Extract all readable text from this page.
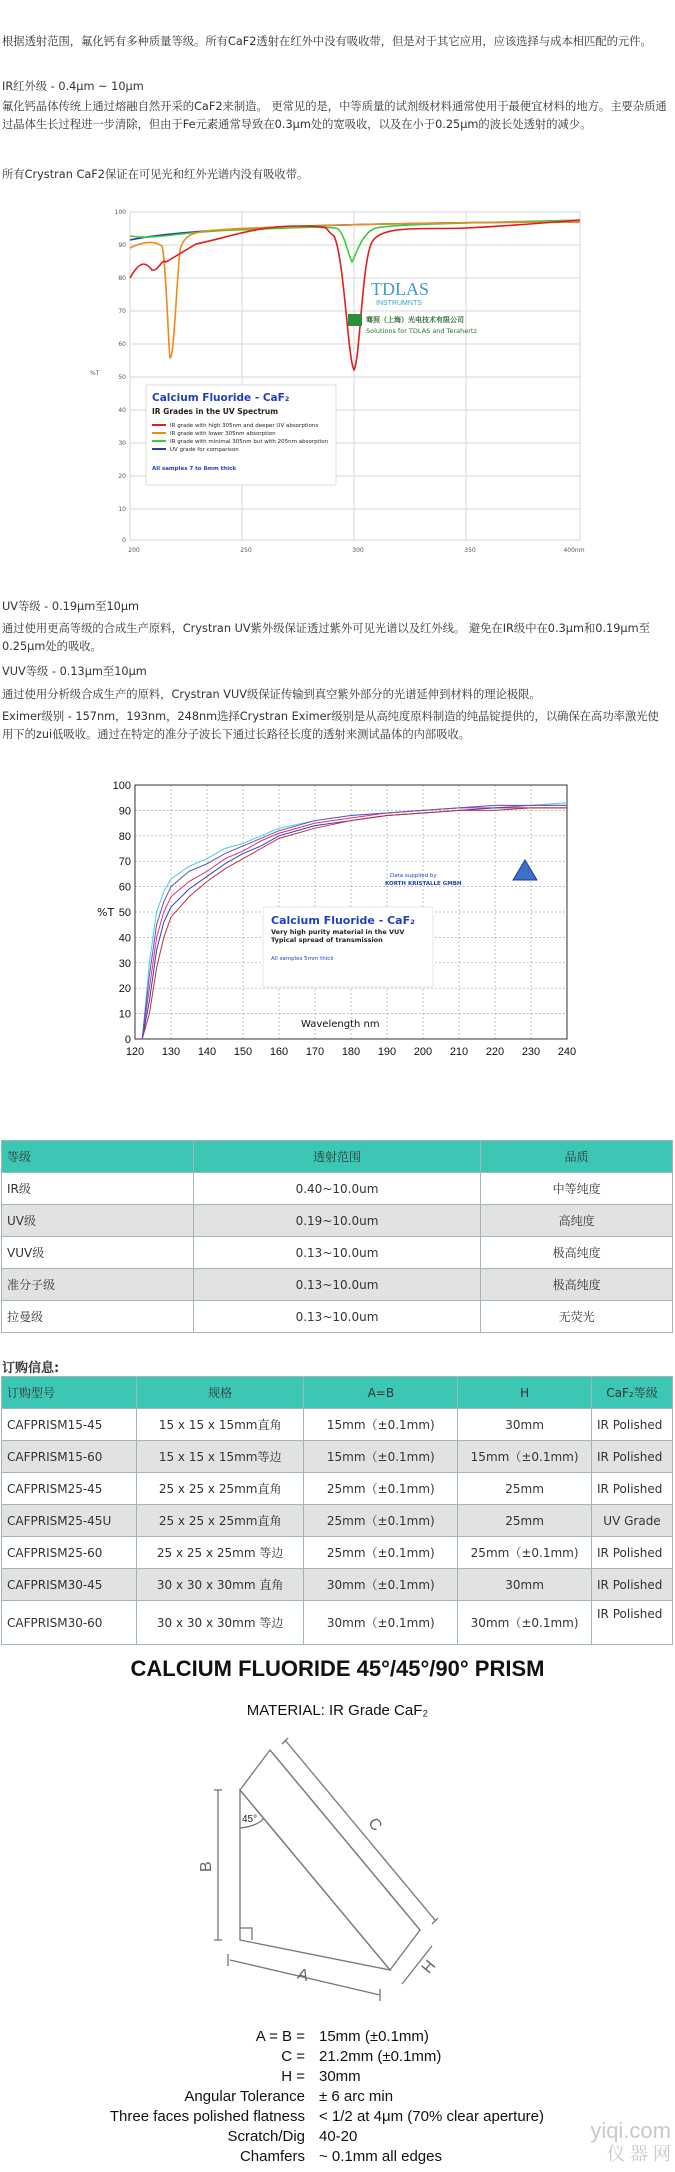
根据透射范围，氟化钙有多种质量等级。所有CaF2透射在红外中没有吸收带，但是对于其它应用，应该选择与成本相匹配的元件。
IR红外级 - 0.4μm ~ 10μm
氟化钙晶体传统上通过熔融自然开采的CaF2来制造。 更常见的是，中等质量的试剂级材料通常使用于最便宜材料的地方。主要杂质通过晶体生长过程进一步清除，但由于Fe元素通常导致在0.3μm处的宽吸收，以及在小于0.25μm的波长处透射的减少。
所有Crystran CaF2保证在可见光和红外光谱内没有吸收带。
100
90
80
70
60
50
40
30
20
10
0
%T
200	250	300	350	400nm
TDLAS
INSTRUMNTS
骞照（上海）光电技术有限公司
Solutions for TDLAS and Terahertz
Calcium Fluoride - CaF₂
IR Grades in the UV Spectrum
IR grade with high 305nm and deeper UV absorptions
IR grade with lower 305nm absorption
IR grade with minimal 305nm but with 205nm absorption
UV grade for comparison
All samples 7 to 8mm thick
UV等级 - 0.19μm至10μm
通过使用更高等级的合成生产原料，Crystran UV紫外级保证透过紫外可见光谱以及红外线。 避免在IR级中在0.3μm和0.19μm至0.25μm处的吸收。
VUV等级 - 0.13μm至10μm
通过使用分析级合成生产的原料，Crystran VUV级保证传输到真空紫外部分的光谱延伸到材料的理论极限。
Eximer级别 - 157nm，193nm，248nm选择Crystran Eximer级别是从高纯度原料制造的纯晶锭提供的，以确保在高功率激光使用下的zui低吸收。通过在特定的准分子波长下通过长路径长度的透射来测试晶体的内部吸收。
0
10
20
30
40
50
60
70
80
90
100
120 130 140 150 160 170 180 190 200 210 220 230 240
%T
Wavelength nm
Calcium Fluoride - CaF₂
Very high purity material in the VUV
Typical spread of transmission
All samples 5mm thick
Data supplied by
KORTH KRISTALLE GMBH
等级	透射范围	品质
IR级	0.40~10.0um	中等纯度
UV级	0.19~10.0um	高纯度
VUV级	0.13~10.0um	极高纯度
准分子级	0.13~10.0um	极高纯度
拉曼级	0.13~10.0um	无荧光
订购信息:
订购型号	规格	A=B	H	CaF₂等级
CAFPRISM15-45	15 x 15 x 15mm直角	15mm（±0.1mm)	30mm	IR Polished
CAFPRISM15-60	15 x 15 x 15mm等边	15mm（±0.1mm)	15mm（±0.1mm)	IR Polished
CAFPRISM25-45	25 x 25 x 25mm直角	25mm（±0.1mm)	25mm	IR Polished
CAFPRISM25-45U	25 x 25 x 25mm直角	25mm（±0.1mm)	25mm	UV Grade
CAFPRISM25-60	25 x 25 x 25mm 等边	25mm（±0.1mm)	25mm（±0.1mm)	IR Polished
CAFPRISM30-45	30 x 30 x 30mm 直角	30mm（±0.1mm)	30mm	IR Polished
CAFPRISM30-60	30 x 30 x 30mm 等边	30mm（±0.1mm)	30mm（±0.1mm)	IR Polished
CALCIUM FLUORIDE 45°/45°/90° PRISM
MATERIAL: IR Grade CaF₂
B
45°	C
A	H
A = B = 15mm (±0.1mm)
C = 21.2mm (±0.1mm)
H = 30mm
Angular Tolerance ± 6 arc min
Three faces polished flatness < 1/2 at 4μm (70% clear aperture)
Scratch/Dig 40-20
Chamfers ~ 0.1mm all edges
yiqi.com
仪 器 网
